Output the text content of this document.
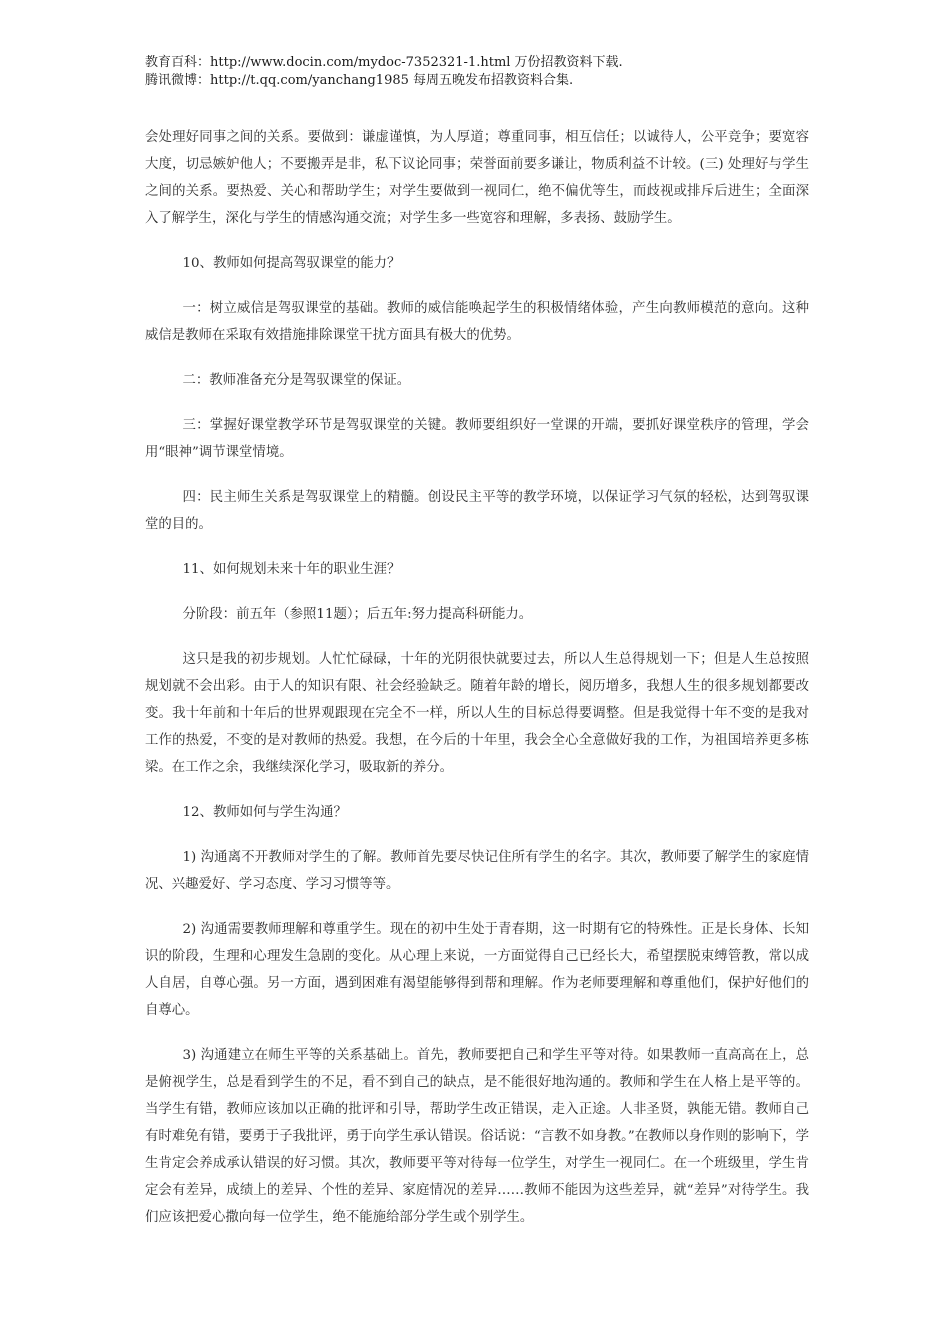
教育百科：http://www.docin.com/mydoc-7352321-1.html 万份招教资料下载.
腾讯微博：http://t.qq.com/yanchang1985 每周五晚发布招教资料合集.

会处理好同事之间的关系。要做到：谦虚谨慎，为人厚道；尊重同事，相互信任；以诚待人，公平竞争；要宽容大度，切忌嫉妒他人；不要搬弄是非，私下议论同事；荣誉面前要多谦让，物质利益不计较。(三) 处理好与学生之间的关系。要热爱、关心和帮助学生；对学生要做到一视同仁，绝不偏优等生，而歧视或排斥后进生；全面深入了解学生，深化与学生的情感沟通交流；对学生多一些宽容和理解，多表扬、鼓励学生。

10、教师如何提高驾驭课堂的能力？

一：树立威信是驾驭课堂的基础。教师的威信能唤起学生的积极情绪体验，产生向教师模范的意向。这种威信是教师在采取有效措施排除课堂干扰方面具有极大的优势。

二：教师准备充分是驾驭课堂的保证。

三：掌握好课堂教学环节是驾驭课堂的关键。教师要组织好一堂课的开端，要抓好课堂秩序的管理，学会用“眼神”调节课堂情境。

四：民主师生关系是驾驭课堂上的精髓。创设民主平等的教学环境，以保证学习气氛的轻松，达到驾驭课堂的目的。

11、如何规划未来十年的职业生涯？

分阶段：前五年（参照11题）；后五年:努力提高科研能力。

这只是我的初步规划。人忙忙碌碌，十年的光阴很快就要过去，所以人生总得规划一下；但是人生总按照规划就不会出彩。由于人的知识有限、社会经验缺乏。随着年龄的增长，阅历增多，我想人生的很多规划都要改变。我十年前和十年后的世界观跟现在完全不一样，所以人生的目标总得要调整。但是我觉得十年不变的是我对工作的热爱，不变的是对教师的热爱。我想，在今后的十年里，我会全心全意做好我的工作，为祖国培养更多栋梁。在工作之余，我继续深化学习，吸取新的养分。

12、教师如何与学生沟通？

1) 沟通离不开教师对学生的了解。教师首先要尽快记住所有学生的名字。其次，教师要了解学生的家庭情况、兴趣爱好、学习态度、学习习惯等等。

2) 沟通需要教师理解和尊重学生。现在的初中生处于青春期，这一时期有它的特殊性。正是长身体、长知识的阶段，生理和心理发生急剧的变化。从心理上来说，一方面觉得自己已经长大，希望摆脱束缚管教，常以成人自居，自尊心强。另一方面，遇到困难有渴望能够得到帮和理解。作为老师要理解和尊重他们，保护好他们的自尊心。

3) 沟通建立在师生平等的关系基础上。首先，教师要把自己和学生平等对待。如果教师一直高高在上，总是俯视学生，总是看到学生的不足，看不到自己的缺点，是不能很好地沟通的。教师和学生在人格上是平等的。当学生有错，教师应该加以正确的批评和引导，帮助学生改正错误，走入正途。人非圣贤，孰能无错。教师自己有时难免有错，要勇于子我批评，勇于向学生承认错误。俗话说：“言教不如身教。”在教师以身作则的影响下，学生肯定会养成承认错误的好习惯。其次，教师要平等对待每一位学生，对学生一视同仁。在一个班级里，学生肯定会有差异，成绩上的差异、个性的差异、家庭情况的差异……教师不能因为这些差异，就“差异”对待学生。我们应该把爱心撒向每一位学生，绝不能施给部分学生或个别学生。
